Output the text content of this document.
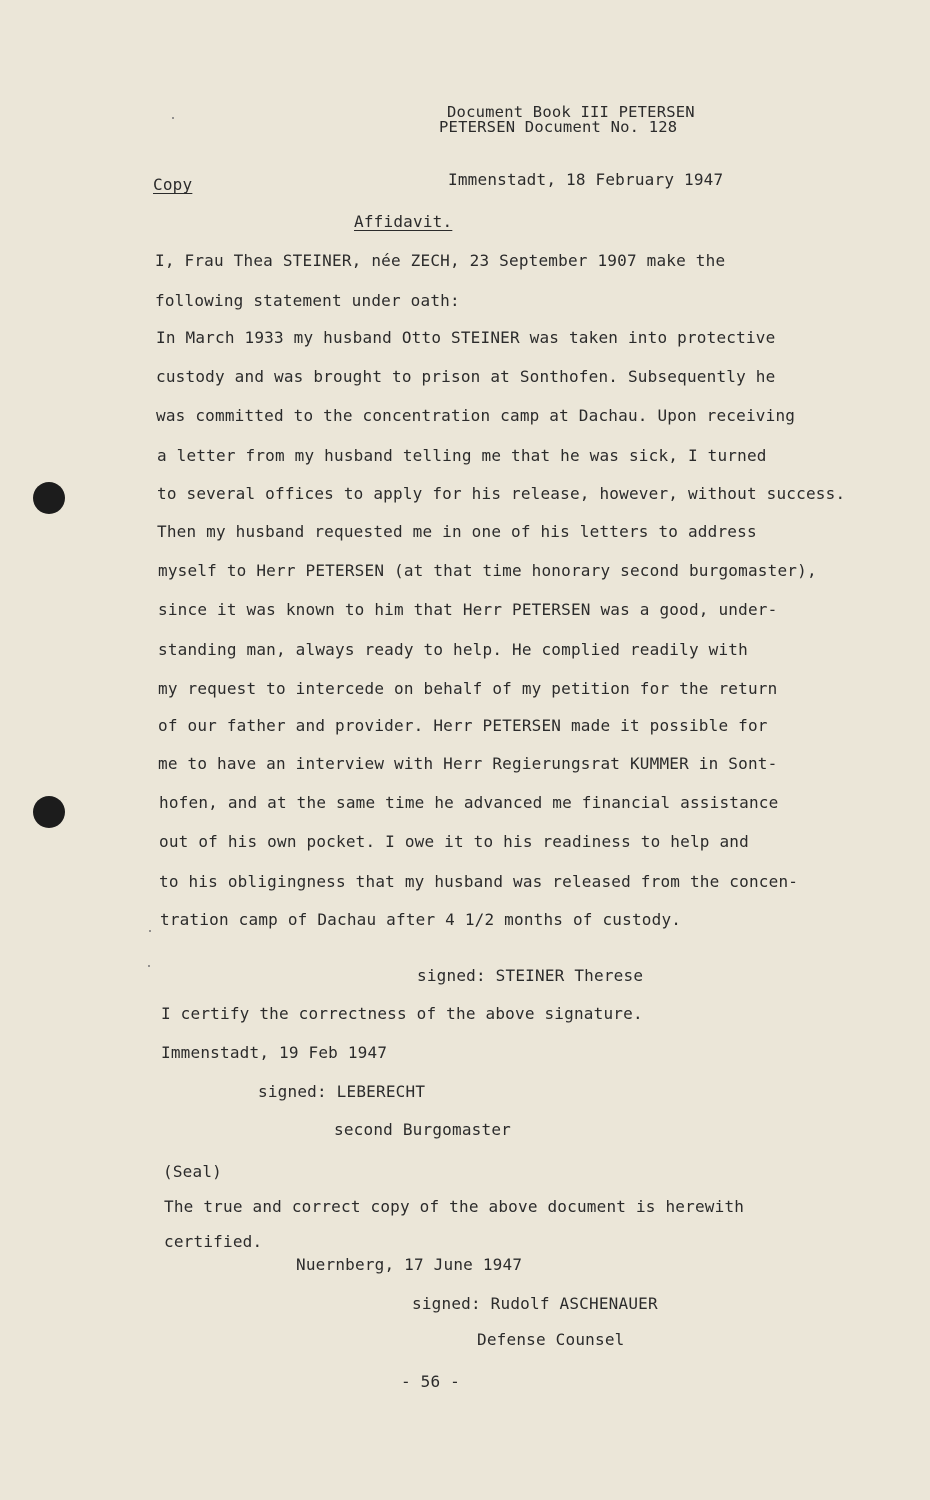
Document Book III PETERSEN
PETERSEN Document No. 128
Copy	Immenstadt, 18 February 1947
Affidavit.
I, Frau Thea STEINER, née ZECH, 23 September 1907 make the
following statement under oath:
In March 1933 my husband Otto STEINER was taken into protective
custody and was brought to prison at Sonthofen. Subsequently he
was committed to the concentration camp at Dachau. Upon receiving
a letter from my husband telling me that he was sick, I turned
to several offices to apply for his release, however, without success.
Then my husband requested me in one of his letters to address
myself to Herr PETERSEN (at that time honorary second burgomaster),
since it was known to him that Herr PETERSEN was a good, under-
standing man, always ready to help. He complied readily with
my request to intercede on behalf of my petition for the return
of our father and provider. Herr PETERSEN made it possible for
me to have an interview with Herr Regierungsrat KUMMER in Sont-
hofen, and at the same time he advanced me financial assistance
out of his own pocket. I owe it to his readiness to help and
to his obligingness that my husband was released from the concen-
tration camp of Dachau after 4 1/2 months of custody.
signed: STEINER Therese
I certify the correctness of the above signature.
Immenstadt, 19 Feb 1947
signed: LEBERECHT
second Burgomaster
(Seal)
The true and correct copy of the above document is herewith
certified.
Nuernberg, 17 June 1947
signed: Rudolf ASCHENAUER
Defense Counsel
- 56 -
